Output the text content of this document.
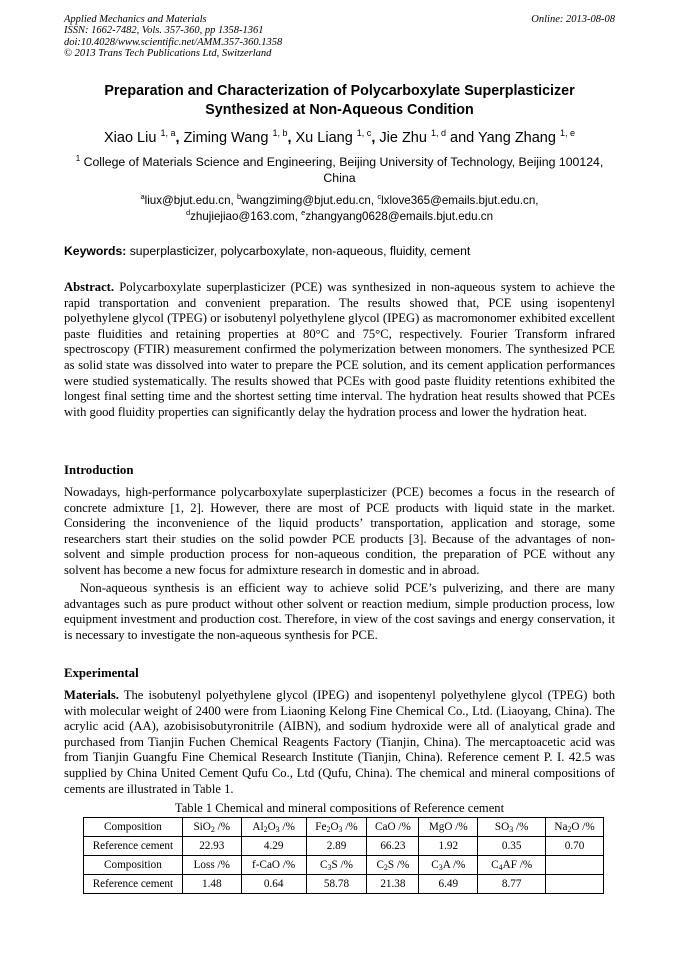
Applied Mechanics and Materials
ISSN: 1662-7482, Vols. 357-360, pp 1358-1361
doi:10.4028/www.scientific.net/AMM.357-360.1358
© 2013 Trans Tech Publications Ltd, Switzerland
Online: 2013-08-08
Preparation and Characterization of Polycarboxylate Superplasticizer Synthesized at Non-Aqueous Condition
Xiao Liu $^{1, a}$, Ziming Wang $^{1, b}$, Xu Liang $^{1, c}$, Jie Zhu $^{1, d}$ and Yang Zhang $^{1, e}$
$^1$ College of Materials Science and Engineering, Beijing University of Technology, Beijing 100124, China
$^a$liux@bjut.edu.cn, $^b$wangziming@bjut.edu.cn, $^c$lxlove365@emails.bjut.edu.cn,
$^d$zhujiejiao@163.com, $^e$zhangyang0628@emails.bjut.edu.cn
Keywords: superplasticizer, polycarboxylate, non-aqueous, fluidity, cement
Abstract. Polycarboxylate superplasticizer (PCE) was synthesized in non-aqueous system to achieve the rapid transportation and convenient preparation. The results showed that, PCE using isopentenyl polyethylene glycol (TPEG) or isobutenyl polyethylene glycol (IPEG) as macromonomer exhibited excellent paste fluidities and retaining properties at 80°C and 75°C, respectively. Fourier Transform infrared spectroscopy (FTIR) measurement confirmed the polymerization between monomers. The synthesized PCE as solid state was dissolved into water to prepare the PCE solution, and its cement application performances were studied systematically. The results showed that PCEs with good paste fluidity retentions exhibited the longest final setting time and the shortest setting time interval. The hydration heat results showed that PCEs with good fluidity properties can significantly delay the hydration process and lower the hydration heat.
Introduction
Nowadays, high-performance polycarboxylate superplasticizer (PCE) becomes a focus in the research of concrete admixture [1, 2]. However, there are most of PCE products with liquid state in the market. Considering the inconvenience of the liquid products’ transportation, application and storage, some researchers start their studies on the solid powder PCE products [3]. Because of the advantages of non-solvent and simple production process for non-aqueous condition, the preparation of PCE without any solvent has become a new focus for admixture research in domestic and in abroad.
Non-aqueous synthesis is an efficient way to achieve solid PCE’s pulverizing, and there are many advantages such as pure product without other solvent or reaction medium, simple production process, low equipment investment and production cost. Therefore, in view of the cost savings and energy conservation, it is necessary to investigate the non-aqueous synthesis for PCE.
Experimental
Materials. The isobutenyl polyethylene glycol (IPEG) and isopentenyl polyethylene glycol (TPEG) both with molecular weight of 2400 were from Liaoning Kelong Fine Chemical Co., Ltd. (Liaoyang, China). The acrylic acid (AA), azobisisobutyronitrile (AIBN), and sodium hydroxide were all of analytical grade and purchased from Tianjin Fuchen Chemical Reagents Factory (Tianjin, China). The mercaptoacetic acid was from Tianjin Guangfu Fine Chemical Research Institute (Tianjin, China). Reference cement P. I. 42.5 was supplied by China United Cement Qufu Co., Ltd (Qufu, China). The chemical and mineral compositions of cements are illustrated in Table 1.
Table 1 Chemical and mineral compositions of Reference cement
Composition	SiO$_2$ /%	$Al_2O_3$ /%	$Fe_2O_3$ /%	CaO /%	MgO /%	$SO_3$ /%	$Na_2O$ /%
Reference cement	22.93	4.29	2.89	66.23	1.92	0.35	0.70
Composition	Loss /%	f-CaO /%	$C_3S$ /%	$C_2S$ /%	$C_3A$ /%	$C_4AF$ /%	
Reference cement	1.48	0.64	58.78	21.38	6.49	8.77	
